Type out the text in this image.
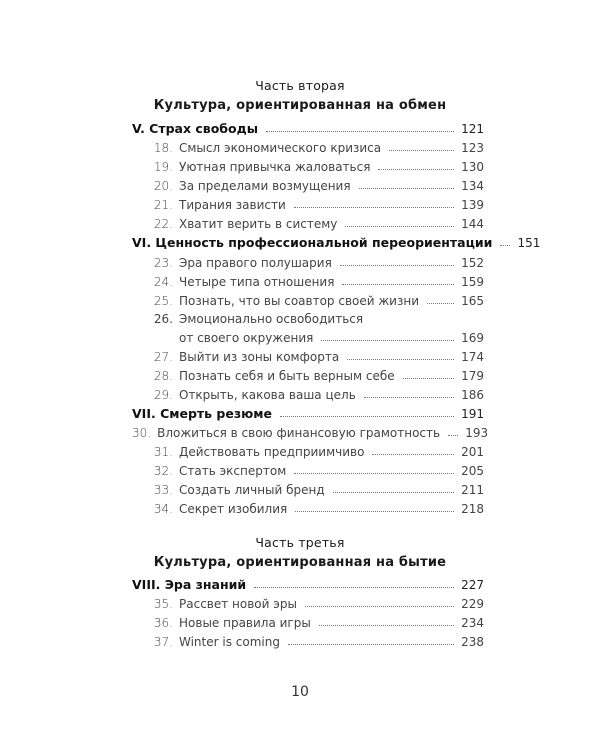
Часть вторая
Культура, ориентированная на обмен
Часть третья
Культура, ориентированная на бытие
V. Страх свободы	121
18. Смысл экономического кризиса	123
19. Уютная привычка жаловаться	130
20. За пределами возмущения	134
21. Тирания зависти	139
22. Хватит верить в систему	144
VI. Ценность профессиональной переориентации 151
23. Эра правого полушария	152
24. Четыре типа отношения	159
25. Познать, что вы соавтор своей жизни	165
26. Эмоционально освободиться
от своего окружения	169
27. Выйти из зоны комфорта	174
28. Познать себя и быть верным себе	179
29. Открыть, какова ваша цель	186
VII. Смерть резюме	191
30. Вложиться в свою финансовую грамотность 193
31. Действовать предприимчиво	201
32. Стать экспертом	205
33. Создать личный бренд	211
34. Секрет изобилия	218
VIII. Эра знаний	227
35. Рассвет новой эры	229
36. Новые правила игры	234
37. Winter is coming	238
10
